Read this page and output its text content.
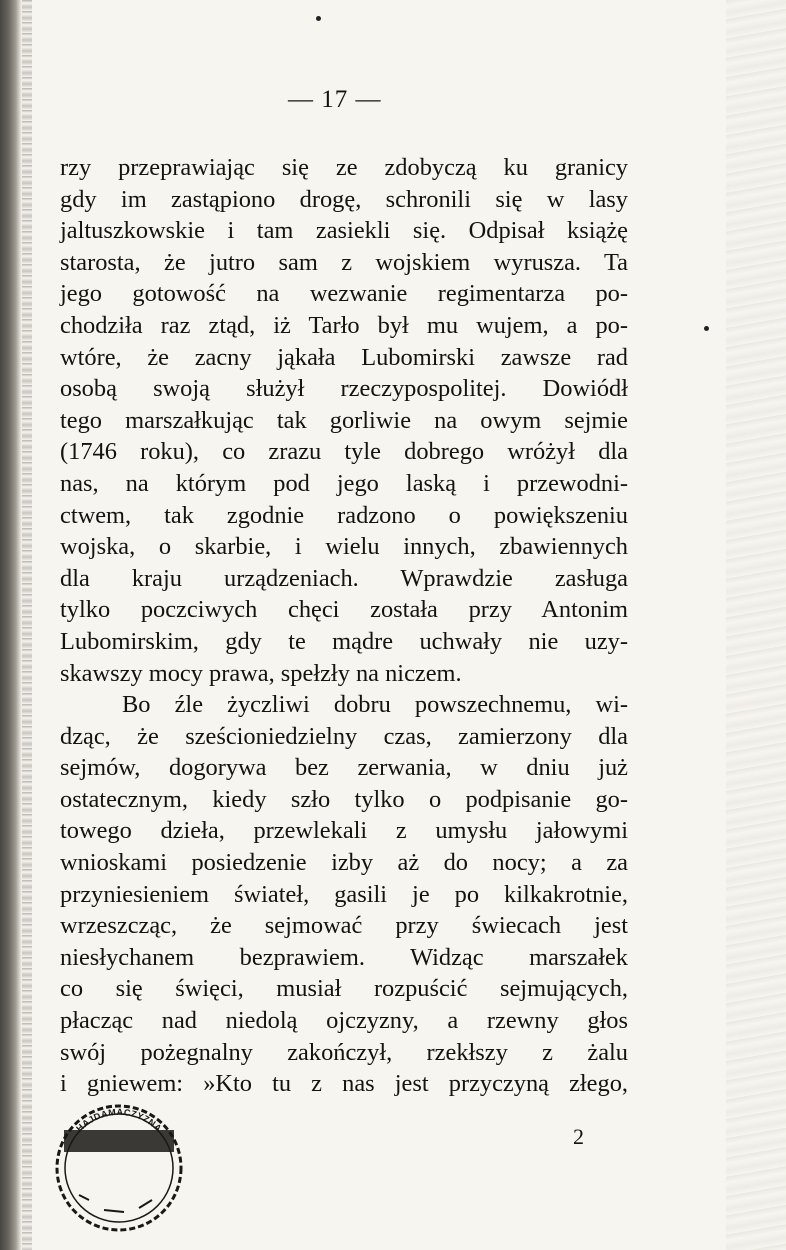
— 17 —
rzy przeprawiając się ze zdobyczą ku granicy
gdy im zastąpiono drogę, schronili się w lasy
jaltuszkowskie i tam zasiekli się. Odpisał książę
starosta, że jutro sam z wojskiem wyrusza. Ta
jego gotowość na wezwanie regimentarza po-
chodziła raz ztąd, iż Tarło był mu wujem, a po-
wtóre, że zacny jąkała Lubomirski zawsze rad
osobą swoją służył rzeczypospolitej. Dowiódł
tego marszałkując tak gorliwie na owym sejmie
(1746 roku), co zrazu tyle dobrego wróżył dla
nas, na którym pod jego laską i przewodni-
ctwem, tak zgodnie radzono o powiększeniu
wojska, o skarbie, i wielu innych, zbawiennych
dla kraju urządzeniach. Wprawdzie zasługa
tylko poczciwych chęci została przy Antonim
Lubomirskim, gdy te mądre uchwały nie uzy-
skawszy mocy prawa, spełzły na niczem.
Bo źle życzliwi dobru powszechnemu, wi-
dząc, że sześcioniedzielny czas, zamierzony dla
sejmów, dogorywa bez zerwania, w dniu już
ostatecznym, kiedy szło tylko o podpisanie go-
towego dzieła, przewlekali z umysłu jałowymi
wnioskami posiedzenie izby aż do nocy; a za
przyniesieniem świateł, gasili je po kilkakrotnie,
wrzeszcząc, że sejmować przy świecach jest
niesłychanem bezprawiem. Widząc marszałek
co się święci, musiał rozpuścić sejmujących,
płacząc nad niedolą ojczyzny, a rzewny głos
swój pożegnalny zakończył, rzekłszy z żalu
i gniewem: »Kto tu z nas jest przyczyną złego,
2
HAJDAMACZYZNA
